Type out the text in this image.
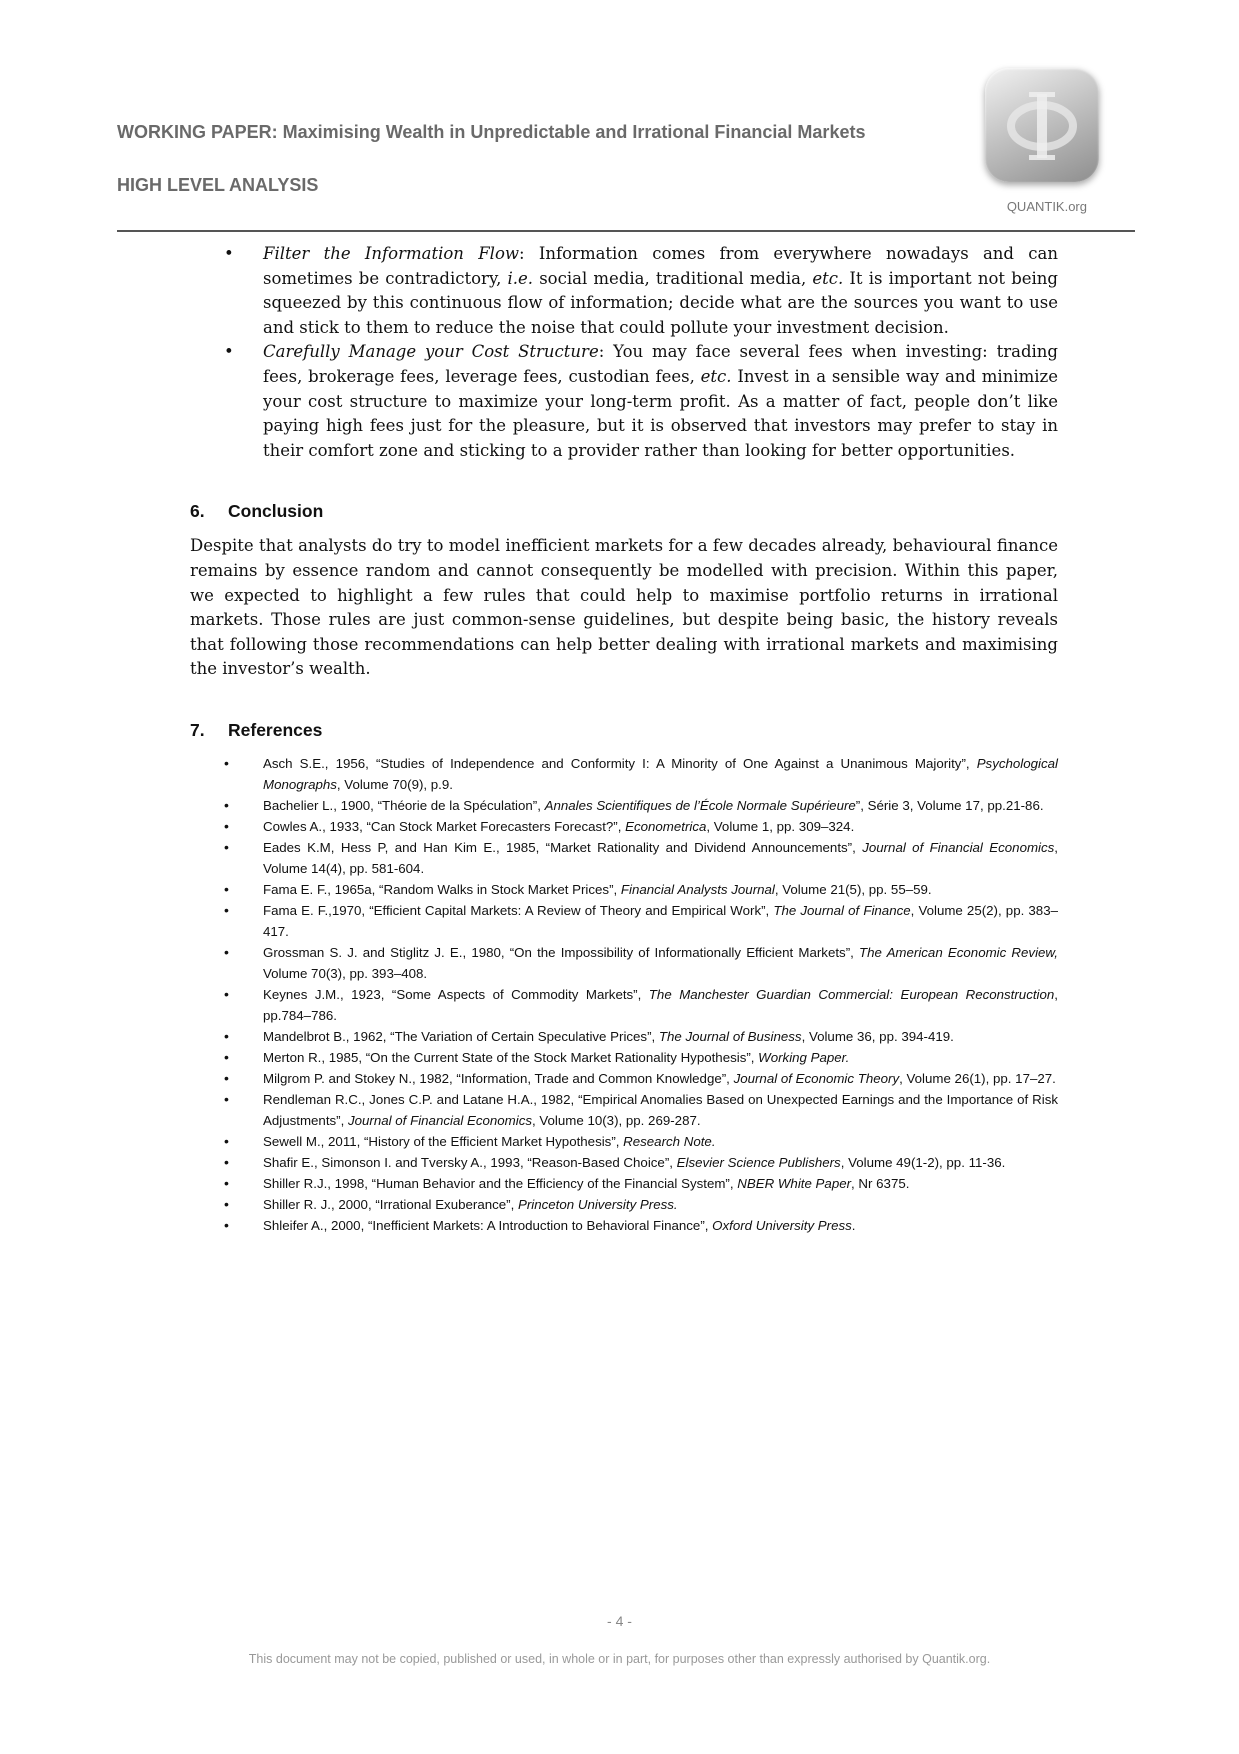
WORKING PAPER: Maximising Wealth in Unpredictable and Irrational Financial Markets
HIGH LEVEL ANALYSIS

QUANTIK.org

• Filter the Information Flow: Information comes from everywhere nowadays and can sometimes be contradictory, i.e. social media, traditional media, etc. It is important not being squeezed by this continuous flow of information; decide what are the sources you want to use and stick to them to reduce the noise that could pollute your investment decision.
• Carefully Manage your Cost Structure: You may face several fees when investing: trading fees, brokerage fees, leverage fees, custodian fees, etc. Invest in a sensible way and minimize your cost structure to maximize your long-term profit. As a matter of fact, people don’t like paying high fees just for the pleasure, but it is observed that investors may prefer to stay in their comfort zone and sticking to a provider rather than looking for better opportunities.
6. Conclusion

Despite that analysts do try to model inefficient markets for a few decades already, behavioural finance remains by essence random and cannot consequently be modelled with precision. Within this paper, we expected to highlight a few rules that could help to maximise portfolio returns in irrational markets. Those rules are just common-sense guidelines, but despite being basic, the history reveals that following those recommendations can help better dealing with irrational markets and maximising the investor’s wealth.

7. References
• Asch S.E., 1956, “Studies of Independence and Conformity I: A Minority of One Against a Unanimous Majority”, Psychological Monographs, Volume 70(9), p.9.
• Bachelier L., 1900, “Théorie de la Spéculation”, Annales Scientifiques de l’École Normale Supérieure”, Série 3, Volume 17, pp.21-86.
• Cowles A., 1933, “Can Stock Market Forecasters Forecast?”, Econometrica, Volume 1, pp. 309–324.
• Eades K.M, Hess P, and Han Kim E., 1985, “Market Rationality and Dividend Announcements”, Journal of Financial Economics, Volume 14(4), pp. 581-604.
• Fama E. F., 1965a, “Random Walks in Stock Market Prices”, Financial Analysts Journal, Volume 21(5), pp. 55–59.
• Fama E. F.,1970, “Efficient Capital Markets: A Review of Theory and Empirical Work”, The Journal of Finance, Volume 25(2), pp. 383–417.
• Grossman S. J. and Stiglitz J. E., 1980, “On the Impossibility of Informationally Efficient Markets”, The American Economic Review, Volume 70(3), pp. 393–408.
• Keynes J.M., 1923, “Some Aspects of Commodity Markets”, The Manchester Guardian Commercial: European Reconstruction, pp.784–786.
• Mandelbrot B., 1962, “The Variation of Certain Speculative Prices”, The Journal of Business, Volume 36, pp. 394-419.
• Merton R., 1985, “On the Current State of the Stock Market Rationality Hypothesis”, Working Paper.
• Milgrom P. and Stokey N., 1982, “Information, Trade and Common Knowledge”, Journal of Economic Theory, Volume 26(1), pp. 17–27.
• Rendleman R.C., Jones C.P. and Latane H.A., 1982, “Empirical Anomalies Based on Unexpected Earnings and the Importance of Risk Adjustments”, Journal of Financial Economics, Volume 10(3), pp. 269-287.
• Sewell M., 2011, “History of the Efficient Market Hypothesis”, Research Note.
• Shafir E., Simonson I. and Tversky A., 1993, “Reason-Based Choice”, Elsevier Science Publishers, Volume 49(1-2), pp. 11-36.
• Shiller R.J., 1998, “Human Behavior and the Efficiency of the Financial System”, NBER White Paper, Nr 6375.
• Shiller R. J., 2000, “Irrational Exuberance”, Princeton University Press.
• Shleifer A., 2000, “Inefficient Markets: A Introduction to Behavioral Finance”, Oxford University Press.

- 4 -

This document may not be copied, published or used, in whole or in part, for purposes other than expressly authorised by Quantik.org.
